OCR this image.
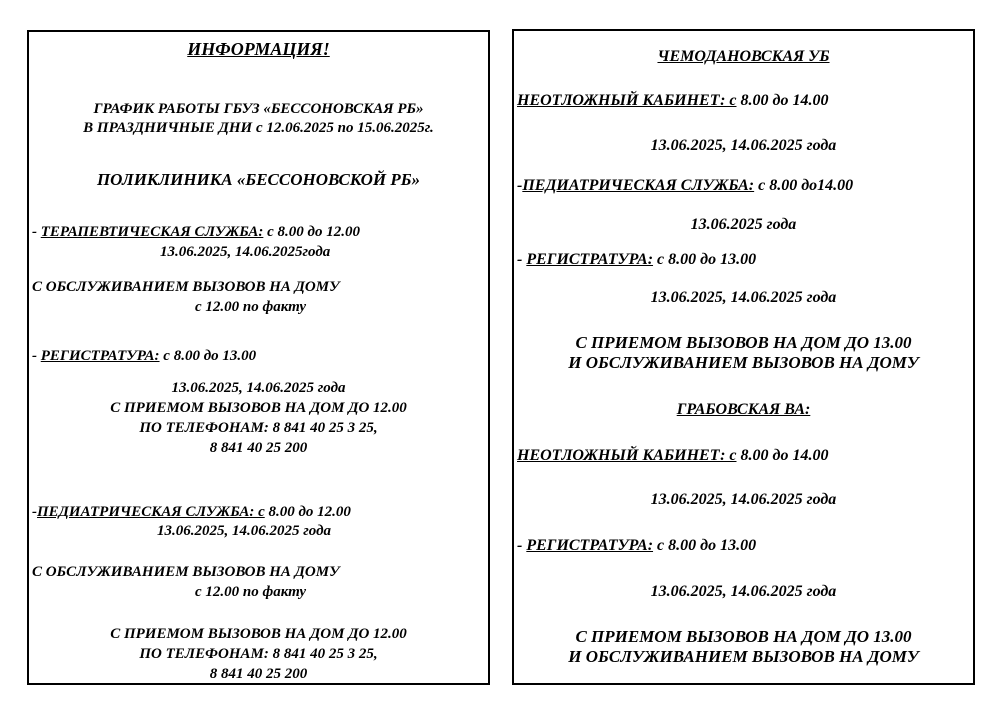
ИНФОРМАЦИЯ!
ГРАФИК РАБОТЫ ГБУЗ «БЕССОНОВСКАЯ РБ»
В ПРАЗДНИЧНЫЕ ДНИ с 12.06.2025 по 15.06.2025г.
ПОЛИКЛИНИКА «БЕССОНОВСКОЙ РБ»
- ТЕРАПЕВТИЧЕСКАЯ СЛУЖБА: с 8.00 до 12.00
13.06.2025, 14.06.2025года
С ОБСЛУЖИВАНИЕМ ВЫЗОВОВ НА ДОМУ
с 12.00 по факту
- РЕГИСТРАТУРА: с 8.00 до 13.00
13.06.2025, 14.06.2025 года
С ПРИЕМОМ ВЫЗОВОВ НА ДОМ ДО 12.00
ПО ТЕЛЕФОНАМ: 8 841 40 25 3 25,
8 841 40 25 200
-ПЕДИАТРИЧЕСКАЯ СЛУЖБА: с 8.00 до 12.00
13.06.2025, 14.06.2025 года
С ОБСЛУЖИВАНИЕМ ВЫЗОВОВ НА ДОМУ
с 12.00 по факту
С ПРИЕМОМ ВЫЗОВОВ НА ДОМ ДО 12.00
ПО ТЕЛЕФОНАМ: 8 841 40 25 3 25,
8 841 40 25 200
ЧЕМОДАНОВСКАЯ УБ
НЕОТЛОЖНЫЙ КАБИНЕТ: с 8.00 до 14.00
13.06.2025, 14.06.2025 года
-ПЕДИАТРИЧЕСКАЯ СЛУЖБА: с 8.00 до14.00
13.06.2025 года
- РЕГИСТРАТУРА: с 8.00 до 13.00
13.06.2025, 14.06.2025 года
С ПРИЕМОМ ВЫЗОВОВ НА ДОМ ДО 13.00
И ОБСЛУЖИВАНИЕМ ВЫЗОВОВ НА ДОМУ
ГРАБОВСКАЯ ВА:
НЕОТЛОЖНЫЙ КАБИНЕТ: с 8.00 до 14.00
13.06.2025, 14.06.2025 года
- РЕГИСТРАТУРА: с 8.00 до 13.00
13.06.2025, 14.06.2025 года
С ПРИЕМОМ ВЫЗОВОВ НА ДОМ ДО 13.00
И ОБСЛУЖИВАНИЕМ ВЫЗОВОВ НА ДОМУ
